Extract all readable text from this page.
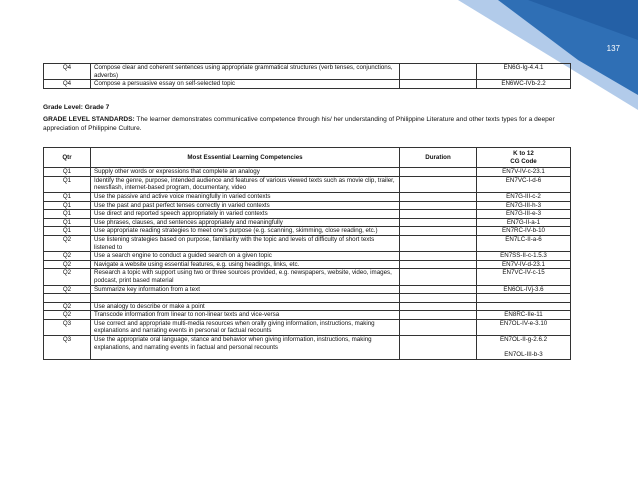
137
Q4	Compose clear and coherent sentences using appropriate grammatical structures (verb tenses, conjunctions, adverbs)		EN6G-Ig-4.4.1
Q4	Compose a persuasive essay on self-selected topic		EN6WC-IVb-2.2
Grade Level: Grade 7
GRADE LEVEL STANDARDS: The learner demonstrates communicative competence through his/ her understanding of Philippine Literature and other texts types for a deeper appreciation of Philippine Culture.
Qtr	Most Essential Learning Competencies	Duration	K to 12
CG Code
Q1	Supply other words or expressions that complete an analogy		EN7V-IV-c-23.1
Q1	Identify the genre, purpose, intended audience and features of various viewed texts such as movie clip, trailer, newsflash, internet-based program, documentary, video		EN7VC-I-d-6
Q1	Use the passive and active voice meaningfully in varied contexts		EN7G-III-c-2
Q1	Use the past and past perfect tenses correctly in varied contexts		EN7G-III-h-3
Q1	Use direct and reported speech appropriately in varied contexts		EN7G-III-e-3
Q1	Use phrases, clauses, and sentences appropriately and meaningfully		EN7G-II-a-1
Q1	Use appropriate reading strategies to meet one's purpose (e.g. scanning, skimming, close reading, etc.)		EN7RC-IV-b-10
Q2	Use listening strategies based on purpose, familiarity with the topic and levels of difficulty of short texts listened to		EN7LC-II-a-6
Q2	Use a search engine to conduct a guided search on a given topic		EN7SS-II-c-1.5.3
Q2	Navigate a website using essential features, e.g. using headings, links, etc.		EN7V-IV-d-23.1
Q2	Research a topic with support using two or three sources provided, e.g. newspapers, website, video, images, podcast, print based material		EN7VC-IV-c-15
Q2	Summarize key information from a text		EN6OL-IVj-3.6

Q2	Use analogy to describe or make a point		
Q2	Transcode information from linear to non-linear texts and vice-versa		EN8RC-IIe-11
Q3	Use correct and appropriate multi-media resources when orally giving information, instructions, making explanations and narrating events in personal or factual recounts		EN7OL-IV-e-3.10
Q3	Use the appropriate oral language, stance and behavior when giving information, instructions, making explanations, and narrating events in factual and personal recounts		EN7OL-II-g-2.6.2

EN7OL-III-b-3
